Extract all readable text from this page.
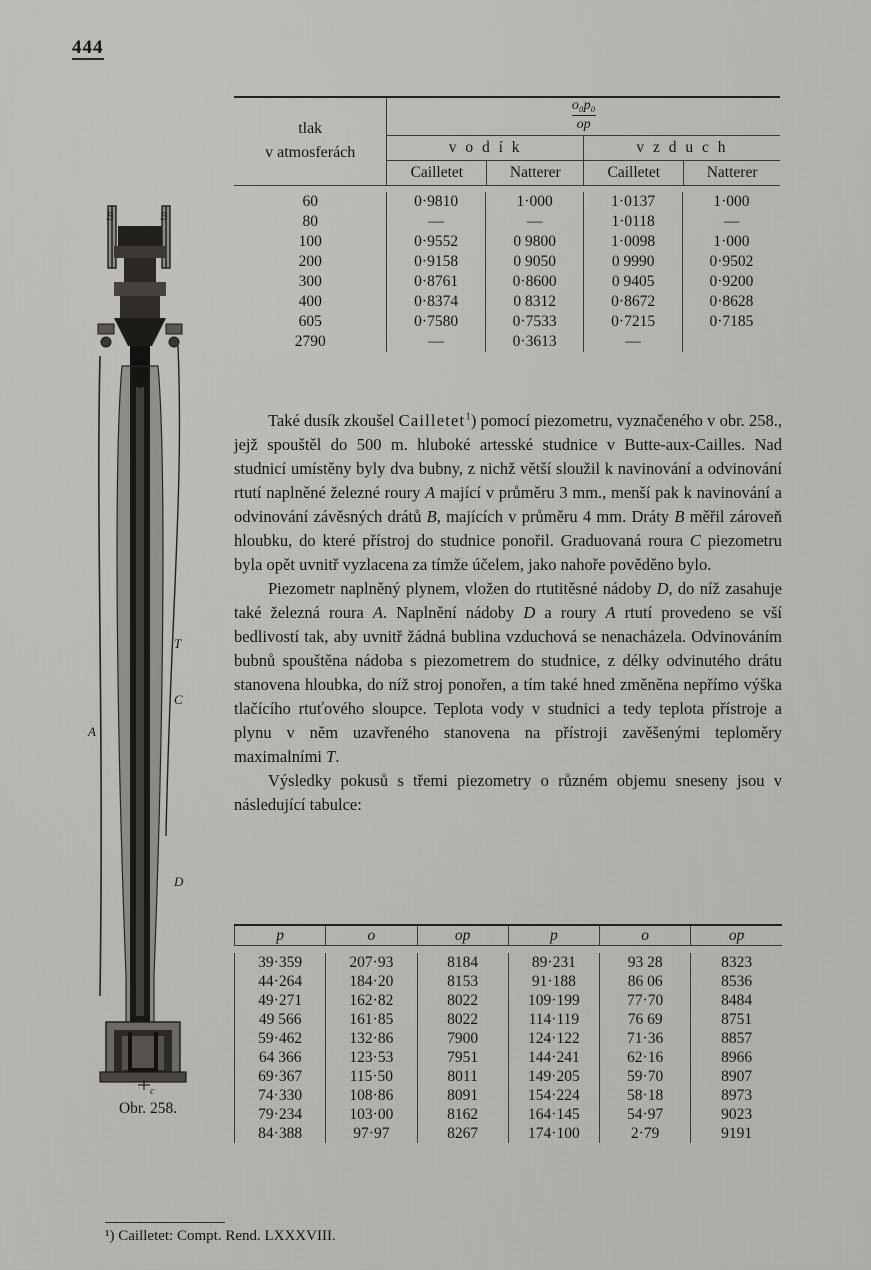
444
B	B
T
C
A
D
c
Obr. 258.
tlak
v atmosferách

$\frac{\text{o₀p₀}}{op}$

	v o d í k		v z d u c h	
	Cailletet	Natterer	Cailletet	Natterer
60	0·9810	1·000	1·0137	1·000
80	—	—	1·0118	—
100	0·9552	0 9800	1·0098	1·000
200	0·9158	0 9050	0 9990	0·9502
300	0·8761	0·8600	0 9405	0·9200
400	0·8374	0 8312	0·8672	0·8628
605	0·7580	0·7533	0·7215	0·7185
2790	—	0·3613	—	

Také dusík zkoušel Cailletet$^1$) pomocí piezometru, vyznačeného v obr. 258., jejž spouštěl do 500 m. hluboké artesské studnice v Butte-aux-Cailles. Nad studnicí umístěny byly dva bubny, z nichž větší sloužil k navinování a odvinování rtutí naplněné železné roury A mající v průměru 3 mm., menší pak k navinování a odvinování závěsných drátů B, majících v průměru 4 mm. Dráty B měřil zároveň hloubku, do které přístroj do studnice ponořil. Graduovaná roura C piezometru byla opět uvnitř vyzlacena za tímže účelem, jako nahoře pověděno bylo.

Piezometr naplněný plynem, vložen do rtutitěsné nádoby D, do níž zasahuje také železná roura A. Naplnění nádoby D a roury A rtutí provedeno se vší bedlivostí tak, aby uvnitř žádná bublina vzduchová se nenacházela. Odvinováním bubnů spouštěna nádoba s piezometrem do studnice, z délky odvinutého drátu stanovena hloubka, do níž stroj ponořen, a tím také hned změněna nepřímo výška tlačícího rtuťového sloupce. Teplota vody v studnici a tedy teplota přístroje a plynu v něm uzavřeného stanovena na přístroji zavěšenými teploměry maximalními T.

Výsledky pokusů s třemi piezometry o různém objemu sneseny jsou v následující tabulce:

p	o	op	p	o	op
39·359	207·93	8184	89·231	93 28	8323
44·264	184·20	8153	91·188	86 06	8536
49·271	162·82	8022	109·199	77·70	8484
49 566	161·85	8022	114·119	76 69	8751
59·462	132·86	7900	124·122	71·36	8857
64 366	123·53	7951	144·241	62·16	8966
69·367	115·50	8011	149·205	59·70	8907
74·330	108·86	8091	154·224	58·18	8973
79·234	103·00	8162	164·145	54·97	9023
84·388	97·97	8267	174·100	2·79	9191
¹) Cailletet: Compt. Rend. LXXXVIII.
